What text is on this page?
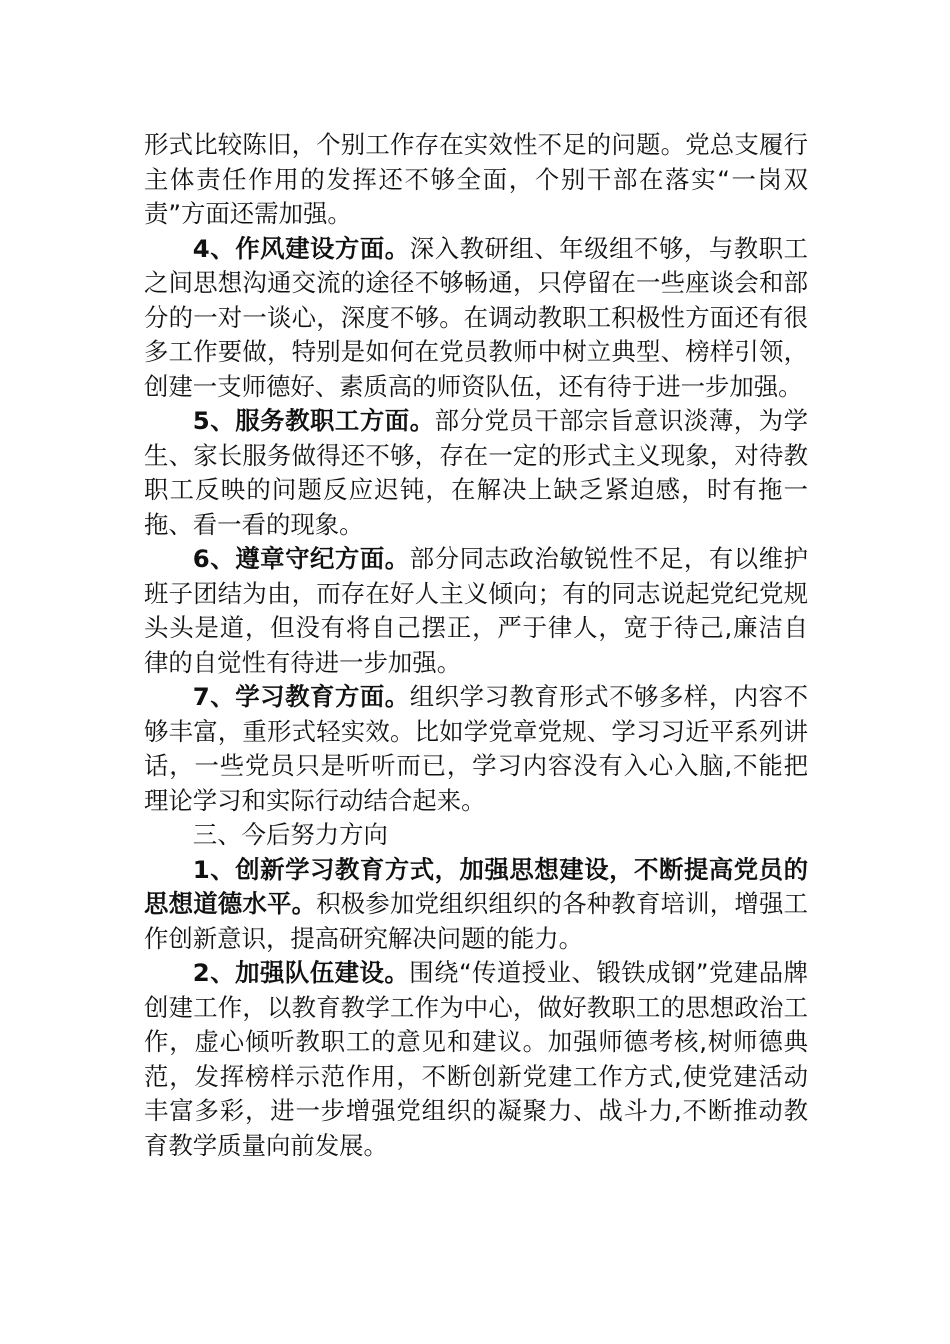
形式比较陈旧，个别工作存在实效性不足的问题。党总支履行主体责任作用的发挥还不够全面，个别干部在落实“一岗双责”方面还需加强。

4、作风建设方面。深入教研组、年级组不够，与教职工之间思想沟通交流的途径不够畅通，只停留在一些座谈会和部分的一对一谈心，深度不够。在调动教职工积极性方面还有很多工作要做，特别是如何在党员教师中树立典型、榜样引领，创建一支师德好、素质高的师资队伍，还有待于进一步加强。

5、服务教职工方面。部分党员干部宗旨意识淡薄，为学生、家长服务做得还不够，存在一定的形式主义现象，对待教职工反映的问题反应迟钝，在解决上缺乏紧迫感，时有拖一拖、看一看的现象。

6、遵章守纪方面。部分同志政治敏锐性不足，有以维护班子团结为由，而存在好人主义倾向；有的同志说起党纪党规头头是道，但没有将自己摆正，严于律人，宽于待己,廉洁自律的自觉性有待进一步加强。

7、学习教育方面。组织学习教育形式不够多样，内容不够丰富，重形式轻实效。比如学党章党规、学习习近平系列讲话，一些党员只是听听而已，学习内容没有入心入脑,不能把理论学习和实际行动结合起来。

三、今后努力方向

1、创新学习教育方式，加强思想建设，不断提高党员的思想道德水平。积极参加党组织组织的各种教育培训，增强工作创新意识，提高研究解决问题的能力。

2、加强队伍建设。围绕“传道授业、锻铁成钢”党建品牌创建工作，以教育教学工作为中心，做好教职工的思想政治工作，虚心倾听教职工的意见和建议。加强师德考核,树师德典范，发挥榜样示范作用，不断创新党建工作方式,使党建活动丰富多彩，进一步增强党组织的凝聚力、战斗力,不断推动教育教学质量向前发展。
